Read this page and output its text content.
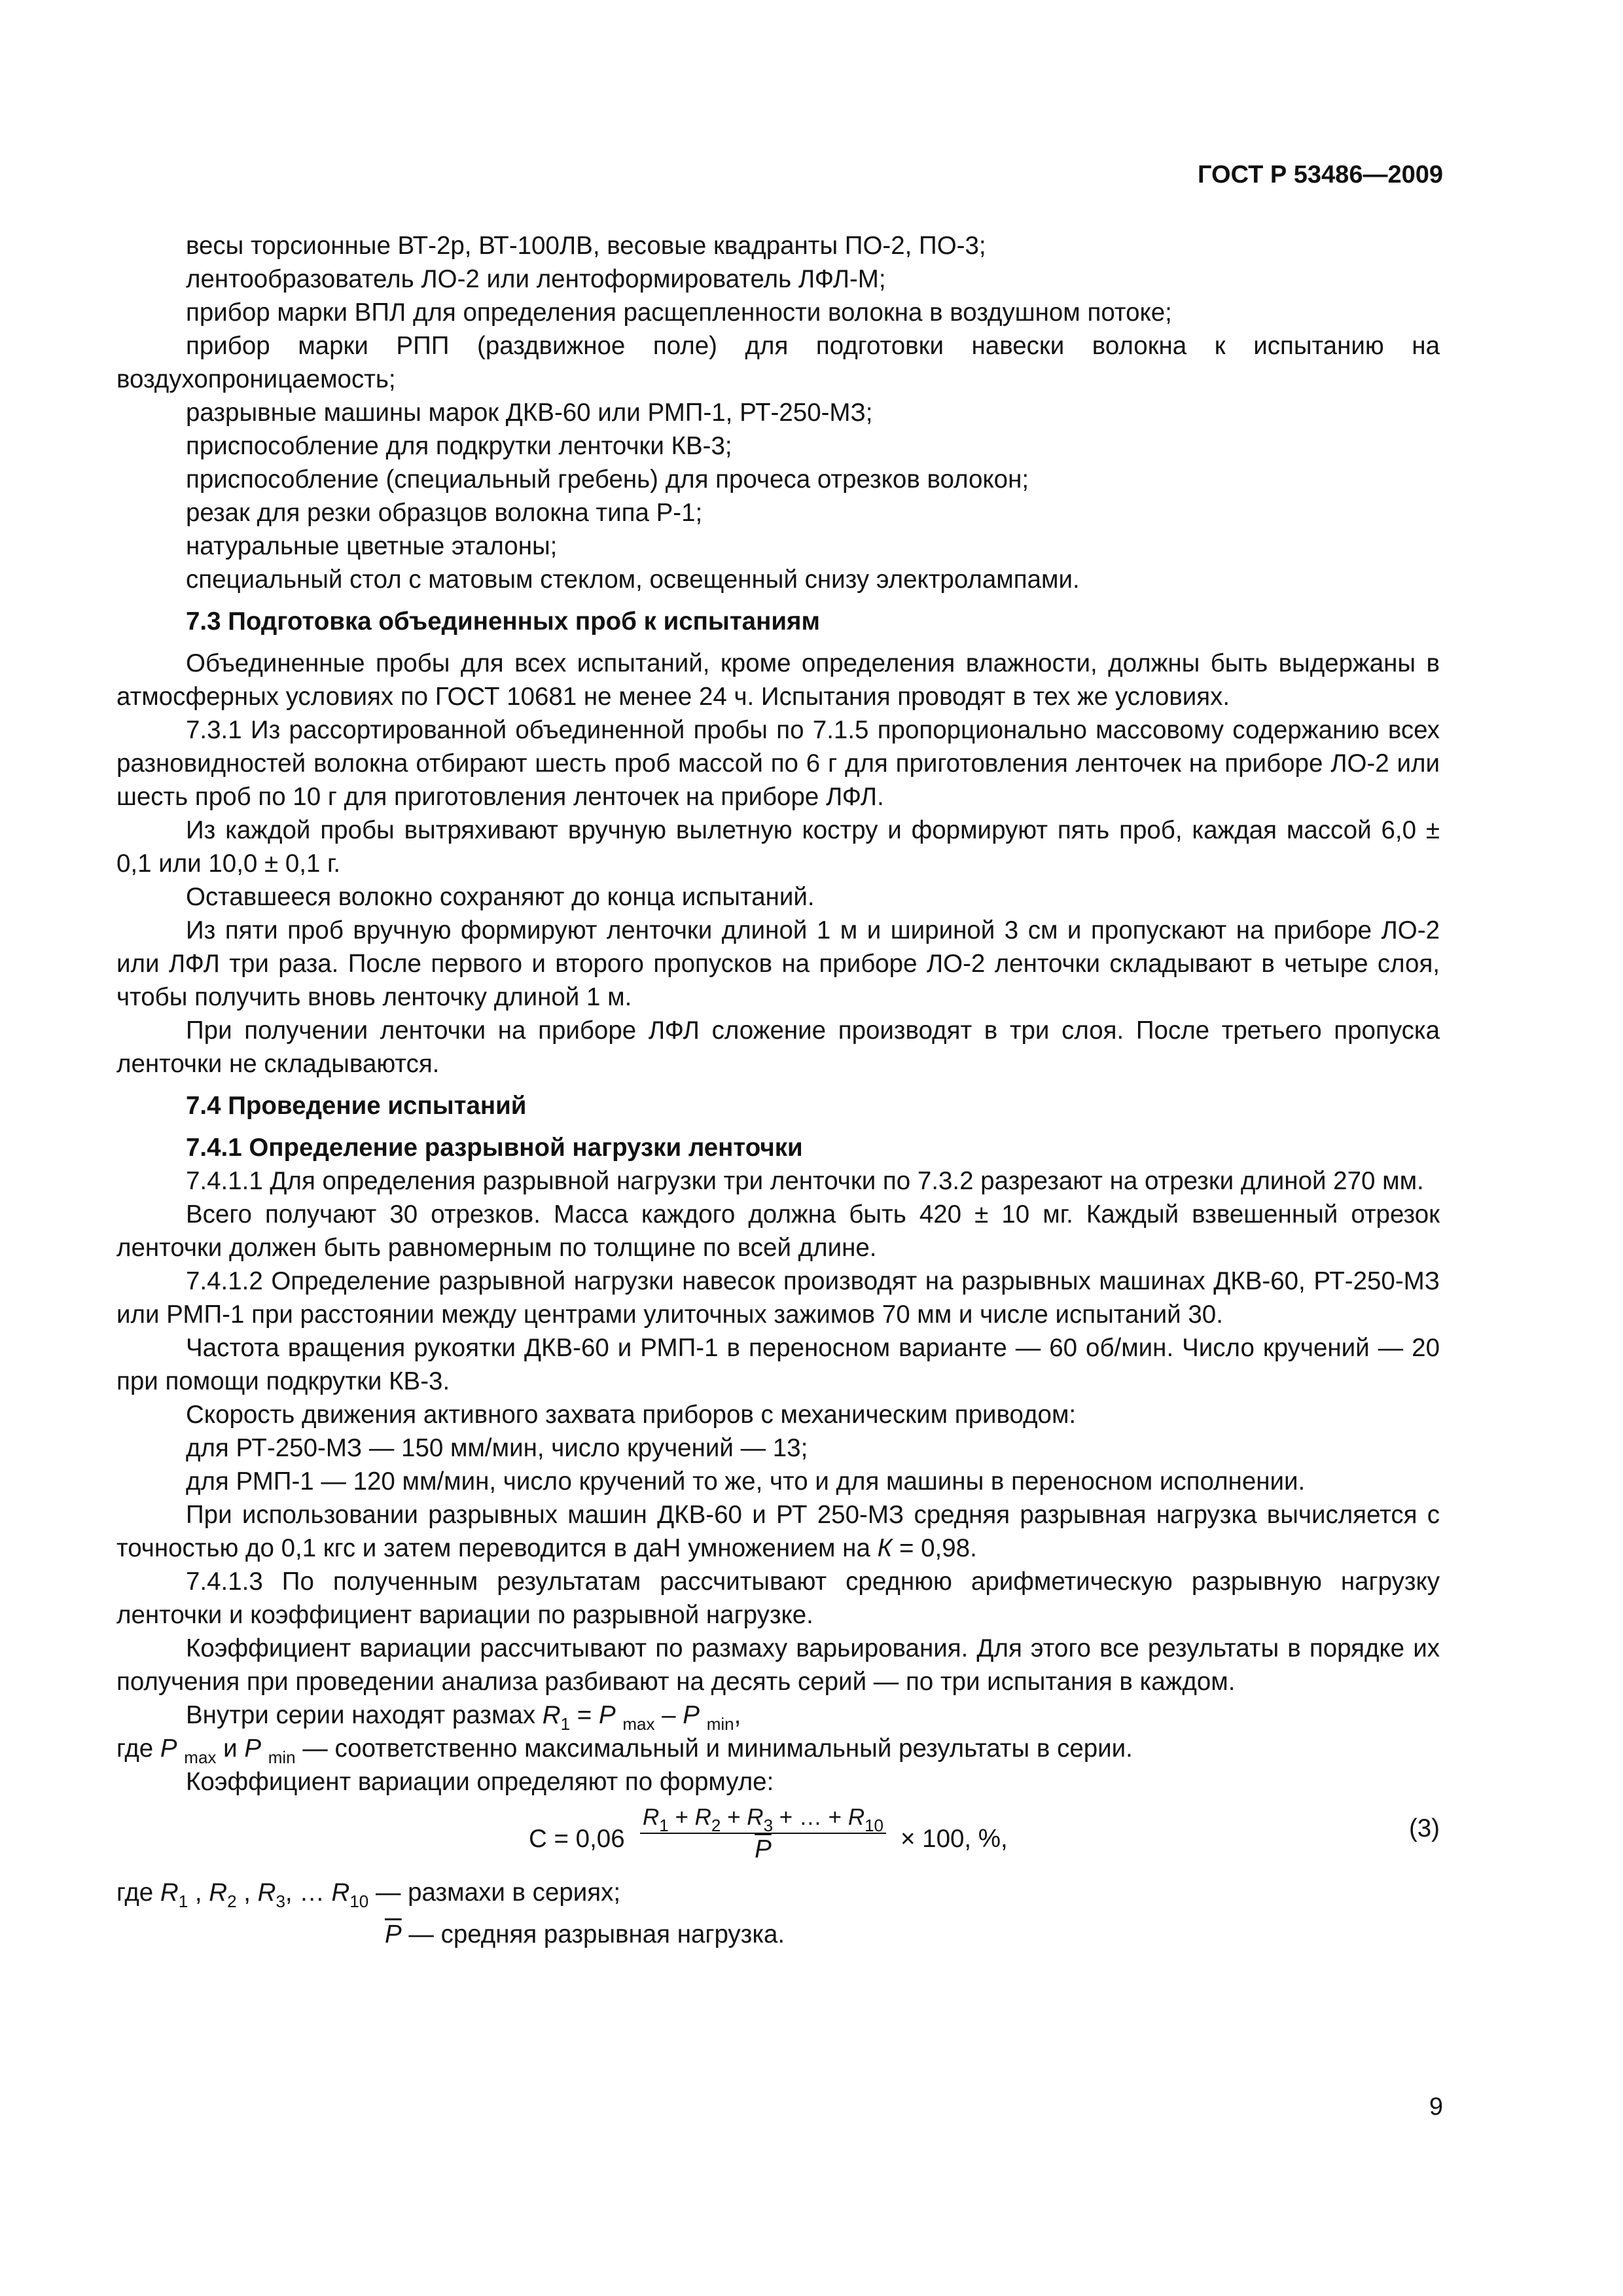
ГОСТ Р 53486—2009

весы торсионные ВТ-2р, ВТ-100ЛВ, весовые квадранты ПО-2, ПО-3;

лентообразователь ЛО-2 или лентоформирователь ЛФЛ-М;

прибор марки ВПЛ для определения расщепленности волокна в воздушном потоке;

прибор марки РПП (раздвижное поле) для подготовки навески волокна к испытанию на воздухопроницаемость;

разрывные машины марок ДКВ-60 или РМП-1, РТ-250-МЗ;

приспособление для подкрутки ленточки КВ-3;

приспособление (специальный гребень) для прочеса отрезков волокон;

резак для резки образцов волокна типа Р-1;

натуральные цветные эталоны;

специальный стол с матовым стеклом, освещенный снизу электролампами.

7.3 Подготовка объединенных проб к испытаниям

Объединенные пробы для всех испытаний, кроме определения влажности, должны быть выдержаны в атмосферных условиях по ГОСТ 10681 не менее 24 ч. Испытания проводят в тех же условиях.

7.3.1 Из рассортированной объединенной пробы по 7.1.5 пропорционально массовому содержанию всех разновидностей волокна отбирают шесть проб массой по 6 г для приготовления ленточек на приборе ЛО-2 или шесть проб по 10 г для приготовления ленточек на приборе ЛФЛ.

Из каждой пробы вытряхивают вручную вылетную костру и формируют пять проб, каждая массой 6,0 ± 0,1 или 10,0 ± 0,1 г.

Оставшееся волокно сохраняют до конца испытаний.

Из пяти проб вручную формируют ленточки длиной 1 м и шириной 3 см и пропускают на приборе ЛО-2 или ЛФЛ три раза. После первого и второго пропусков на приборе ЛО-2 ленточки складывают в четыре слоя, чтобы получить вновь ленточку длиной 1 м.

При получении ленточки на приборе ЛФЛ сложение производят в три слоя. После третьего пропуска ленточки не складываются.

7.4 Проведение испытаний
7.4.1 Определение разрывной нагрузки ленточки

7.4.1.1 Для определения разрывной нагрузки три ленточки по 7.3.2 разрезают на отрезки длиной 270 мм.

Всего получают 30 отрезков. Масса каждого должна быть 420 ± 10 мг. Каждый взвешенный отрезок ленточки должен быть равномерным по толщине по всей длине.

7.4.1.2 Определение разрывной нагрузки навесок производят на разрывных машинах ДКВ-60, РТ-250-МЗ или РМП-1 при расстоянии между центрами улиточных зажимов 70 мм и числе испытаний 30.

Частота вращения рукоятки ДКВ-60 и РМП-1 в переносном варианте — 60 об/мин. Число кручений — 20 при помощи подкрутки КВ-3.

Скорость движения активного захвата приборов с механическим приводом:

для РТ-250-МЗ — 150 мм/мин, число кручений — 13;

для РМП-1 — 120 мм/мин, число кручений то же, что и для машины в переносном исполнении.

При использовании разрывных машин ДКВ-60 и РТ 250-МЗ средняя разрывная нагрузка вычисляется с точностью до 0,1 кгс и затем переводится в даН умножением на К = 0,98.

7.4.1.3 По полученным результатам рассчитывают среднюю арифметическую разрывную нагрузку ленточки и коэффициент вариации по разрывной нагрузке.

Коэффициент вариации рассчитывают по размаху варьирования. Для этого все результаты в порядке их получения при проведении анализа разбивают на десять серий — по три испытания в каждом.

Внутри серии находят размах $R_1 = P$ $_{max}$ – P $_{min}$,

где P $_{max}$ и P $_{min}$ — соответственно максимальный и минимальный результаты в серии.

Коэффициент вариации определяют по формуле:

$С = 0,06 \frac{R_1 + R_2 + R_3 + \dots + R_{10}}{P} \times 100$, %,	(3)

где $R_1$ , $R_2$ , $R_3$, … $R_{10}$ — размахи в сериях;

$\overline{P}$ — средняя разрывная нагрузка.

9
